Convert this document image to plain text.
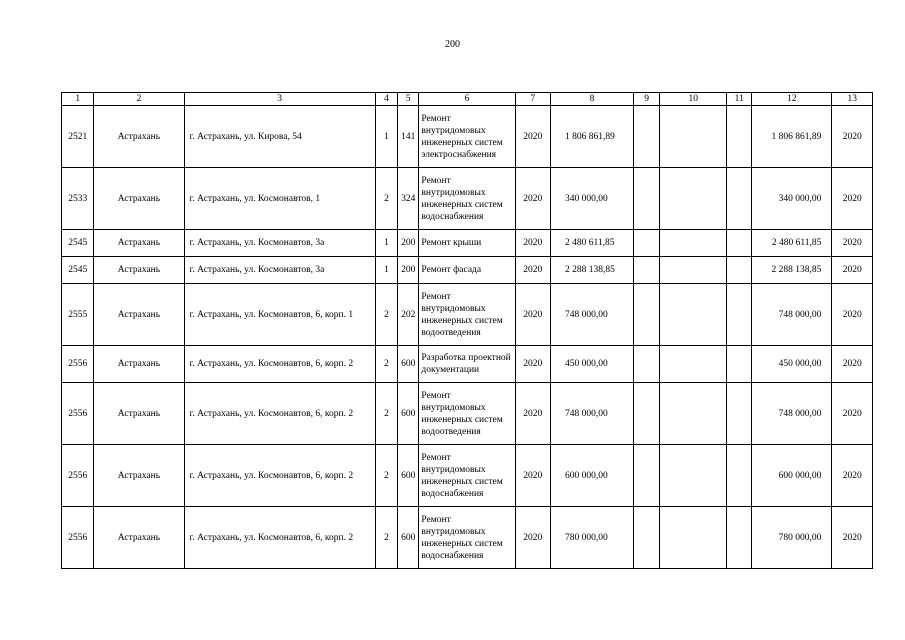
200
1	2	3	4	5	6	7	8	9	10	11	12	13
2521	Астрахань	г. Астрахань, ул. Кирова, 54	1	141	Ремонт внутридомовых инженерных систем электроснабжения	2020	1 806 861,89				1 806 861,89	2020
2533	Астрахань	г. Астрахань, ул. Космонавтов, 1	2	324	Ремонт внутридомовых инженерных систем водоснабжения	2020	340 000,00				340 000,00	2020
2545	Астрахань	г. Астрахань, ул. Космонавтов, 3а	1	200	Ремонт крыши	2020	2 480 611,85				2 480 611,85	2020
2545	Астрахань	г. Астрахань, ул. Космонавтов, 3а	1	200	Ремонт фасада	2020	2 288 138,85				2 288 138,85	2020
2555	Астрахань	г. Астрахань, ул. Космонавтов, 6, корп. 1	2	202	Ремонт внутридомовых инженерных систем водоотведения	2020	748 000,00				748 000,00	2020
2556	Астрахань	г. Астрахань, ул. Космонавтов, 6, корп. 2	2	600	Разработка проектной документации	2020	450 000,00				450 000,00	2020
2556	Астрахань	г. Астрахань, ул. Космонавтов, 6, корп. 2	2	600	Ремонт внутридомовых инженерных систем водоотведения	2020	748 000,00				748 000,00	2020
2556	Астрахань	г. Астрахань, ул. Космонавтов, 6, корп. 2	2	600	Ремонт внутридомовых инженерных систем водоснабжения	2020	600 000,00				600 000,00	2020
2556	Астрахань	г. Астрахань, ул. Космонавтов, 6, корп. 2	2	600	Ремонт внутридомовых инженерных систем водоснабжения	2020	780 000,00				780 000,00	2020
